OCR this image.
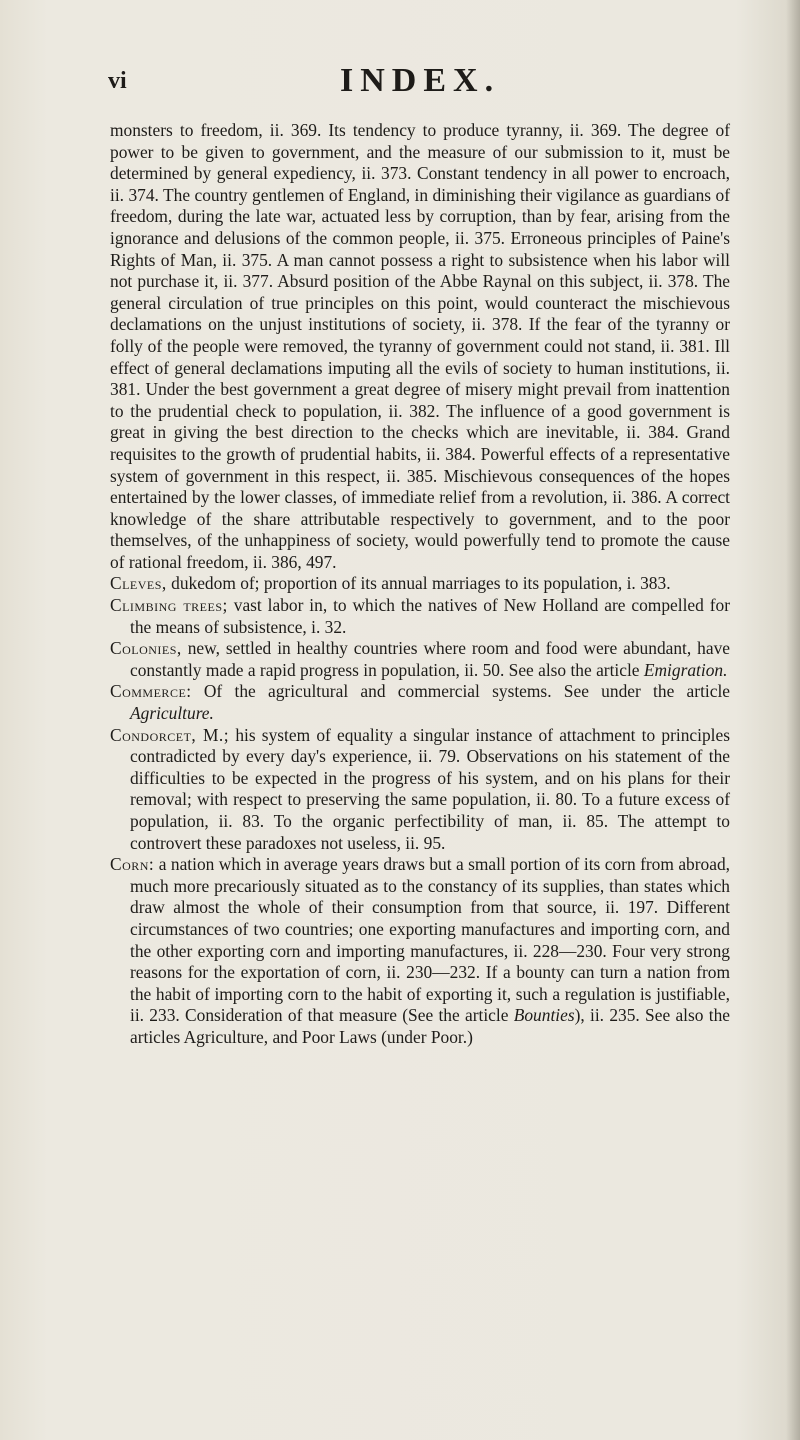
vi	INDEX.

monsters to freedom, ii. 369. Its tendency to produce tyranny, ii. 369. The degree of power to be given to government, and the measure of our submission to it, must be determined by general expediency, ii. 373. Constant tendency in all power to encroach, ii. 374. The country gentlemen of England, in diminishing their vigilance as guardians of freedom, during the late war, actuated less by corruption, than by fear, arising from the ignorance and delusions of the common people, ii. 375. Erroneous principles of Paine's Rights of Man, ii. 375. A man cannot possess a right to subsistence when his labor will not purchase it, ii. 377. Absurd position of the Abbe Raynal on this subject, ii. 378. The general circulation of true principles on this point, would counteract the mischievous declamations on the unjust institutions of society, ii. 378. If the fear of the tyranny or folly of the people were removed, the tyranny of government could not stand, ii. 381. Ill effect of general declamations imputing all the evils of society to human institutions, ii. 381. Under the best government a great degree of misery might prevail from inattention to the prudential check to population, ii. 382. The influence of a good government is great in giving the best direction to the checks which are inevitable, ii. 384. Grand requisites to the growth of prudential habits, ii. 384. Powerful effects of a representative system of government in this respect, ii. 385. Mischievous consequences of the hopes entertained by the lower classes, of immediate relief from a revolution, ii. 386. A correct knowledge of the share attributable respectively to government, and to the poor themselves, of the unhappiness of society, would powerfully tend to promote the cause of rational freedom, ii. 386, 497.

Cleves, dukedom of; proportion of its annual marriages to its population, i. 383.

Climbing trees; vast labor in, to which the natives of New Holland are compelled for the means of subsistence, i. 32.

Colonies, new, settled in healthy countries where room and food were abundant, have constantly made a rapid progress in population, ii. 50. See also the article Emigration.

Commerce: Of the agricultural and commercial systems. See under the article Agriculture.

Condorcet, M.; his system of equality a singular instance of attachment to principles contradicted by every day's experience, ii. 79. Observations on his statement of the difficulties to be expected in the progress of his system, and on his plans for their removal; with respect to preserving the same population, ii. 80. To a future excess of population, ii. 83. To the organic perfectibility of man, ii. 85. The attempt to controvert these paradoxes not useless, ii. 95.

Corn: a nation which in average years draws but a small portion of its corn from abroad, much more precariously situated as to the constancy of its supplies, than states which draw almost the whole of their consumption from that source, ii. 197. Different circumstances of two countries; one exporting manufactures and importing corn, and the other exporting corn and importing manufactures, ii. 228—230. Four very strong reasons for the exportation of corn, ii. 230—232. If a bounty can turn a nation from the habit of importing corn to the habit of exporting it, such a regulation is justifiable, ii. 233. Consideration of that measure (See the article Bounties), ii. 235. See also the articles Agriculture, and Poor Laws (under Poor.)
